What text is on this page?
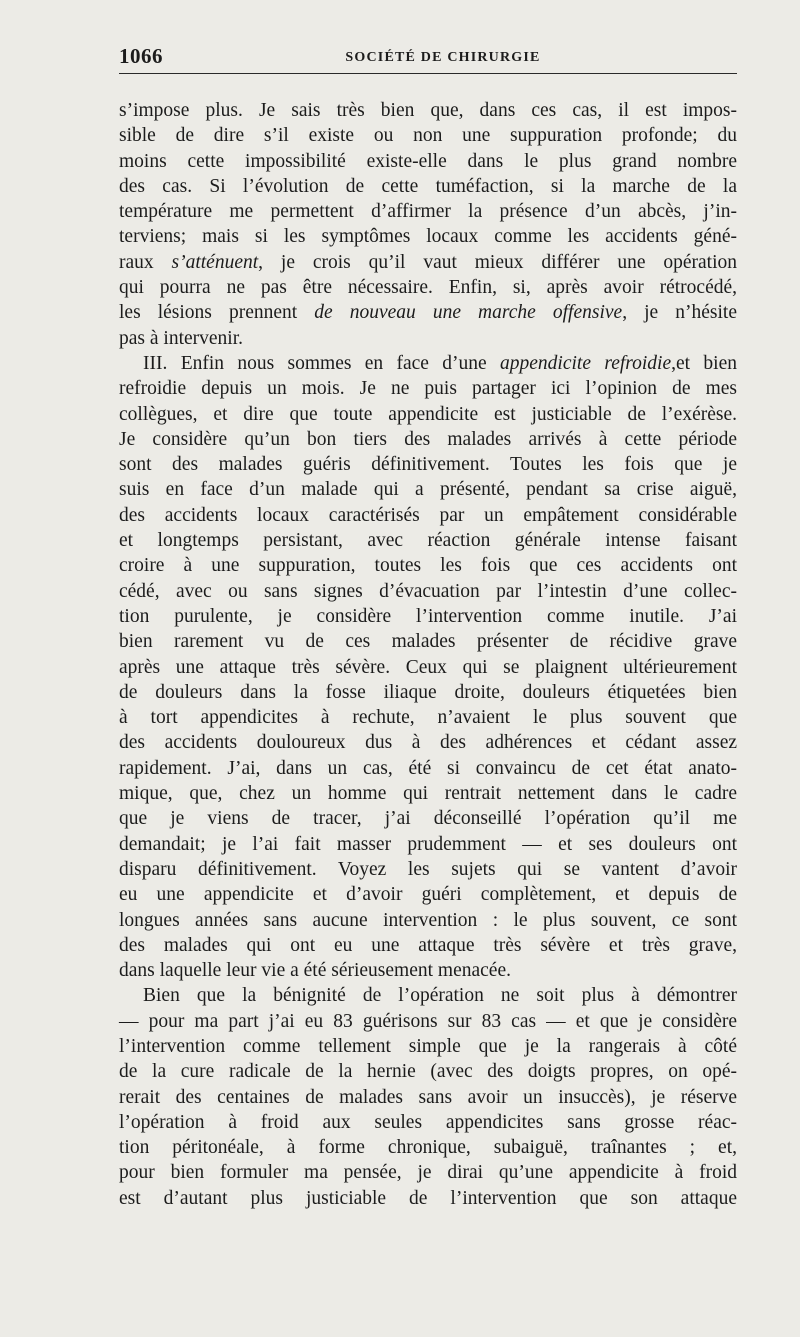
1066	SOCIÉTÉ DE CHIRURGIE
s’impose plus. Je sais très bien que, dans ces cas, il est impos-
sible de dire s’il existe ou non une suppuration profonde; du
moins cette impossibilité existe-elle dans le plus grand nombre
des cas. Si l’évolution de cette tuméfaction, si la marche de la
température me permettent d’affirmer la présence d’un abcès, j’in-
terviens; mais si les symptômes locaux comme les accidents géné-
raux s’atténuent, je crois qu’il vaut mieux différer une opération
qui pourra ne pas être nécessaire. Enfin, si, après avoir rétrocédé,
les lésions prennent de nouveau une marche offensive, je n’hésite
pas à intervenir.
III. Enfin nous sommes en face d’une appendicite refroidie,et bien
refroidie depuis un mois. Je ne puis partager ici l’opinion de mes
collègues, et dire que toute appendicite est justiciable de l’exérèse.
Je considère qu’un bon tiers des malades arrivés à cette période
sont des malades guéris définitivement. Toutes les fois que je
suis en face d’un malade qui a présenté, pendant sa crise aiguë,
des accidents locaux caractérisés par un empâtement considérable
et longtemps persistant, avec réaction générale intense faisant
croire à une suppuration, toutes les fois que ces accidents ont
cédé, avec ou sans signes d’évacuation par l’intestin d’une collec-
tion purulente, je considère l’intervention comme inutile. J’ai
bien rarement vu de ces malades présenter de récidive grave
après une attaque très sévère. Ceux qui se plaignent ultérieurement
de douleurs dans la fosse iliaque droite, douleurs étiquetées bien
à tort appendicites à rechute, n’avaient le plus souvent que
des accidents douloureux dus à des adhérences et cédant assez
rapidement. J’ai, dans un cas, été si convaincu de cet état anato-
mique, que, chez un homme qui rentrait nettement dans le cadre
que je viens de tracer, j’ai déconseillé l’opération qu’il me
demandait; je l’ai fait masser prudemment — et ses douleurs ont
disparu définitivement. Voyez les sujets qui se vantent d’avoir
eu une appendicite et d’avoir guéri complètement, et depuis de
longues années sans aucune intervention : le plus souvent, ce sont
des malades qui ont eu une attaque très sévère et très grave,
dans laquelle leur vie a été sérieusement menacée.
Bien que la bénignité de l’opération ne soit plus à démontrer
— pour ma part j’ai eu 83 guérisons sur 83 cas — et que je considère
l’intervention comme tellement simple que je la rangerais à côté
de la cure radicale de la hernie (avec des doigts propres, on opé-
rerait des centaines de malades sans avoir un insuccès), je réserve
l’opération à froid aux seules appendicites sans grosse réac-
tion péritonéale, à forme chronique, subaiguë, traînantes ; et,
pour bien formuler ma pensée, je dirai qu’une appendicite à froid
est d’autant plus justiciable de l’intervention que son attaque
